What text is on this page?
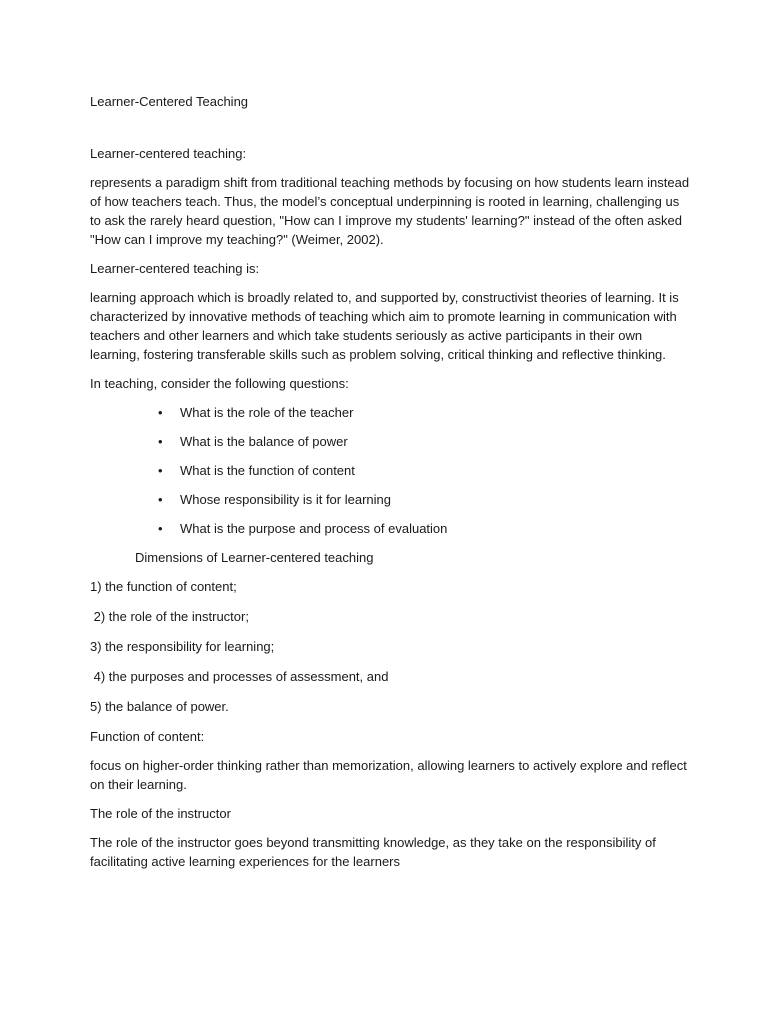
Learner-Centered Teaching

Learner-centered teaching:

represents a paradigm shift from traditional teaching methods by focusing on how students learn instead of how teachers teach. Thus, the model’s conceptual underpinning is rooted in learning, challenging us to ask the rarely heard question, "How can I improve my students' learning?" instead of the often asked "How can I improve my teaching?" (Weimer, 2002).

Learner-centered teaching is:

learning approach which is broadly related to, and supported by, constructivist theories of learning. It is characterized by innovative methods of teaching which aim to promote learning in communication with teachers and other learners and which take students seriously as active participants in their own learning, fostering transferable skills such as problem solving, critical thinking and reflective thinking.

In teaching, consider the following questions:

• What is the role of the teacher
• What is the balance of power
• What is the function of content
• Whose responsibility is it for learning
• What is the purpose and process of evaluation

Dimensions of Learner-centered teaching

1) the function of content;

2) the role of the instructor;

3) the responsibility for learning;

4) the purposes and processes of assessment, and

5) the balance of power.

Function of content:

focus on higher-order thinking rather than memorization, allowing learners to actively explore and reflect on their learning.

The role of the instructor

The role of the instructor goes beyond transmitting knowledge, as they take on the responsibility of facilitating active learning experiences for the learners
